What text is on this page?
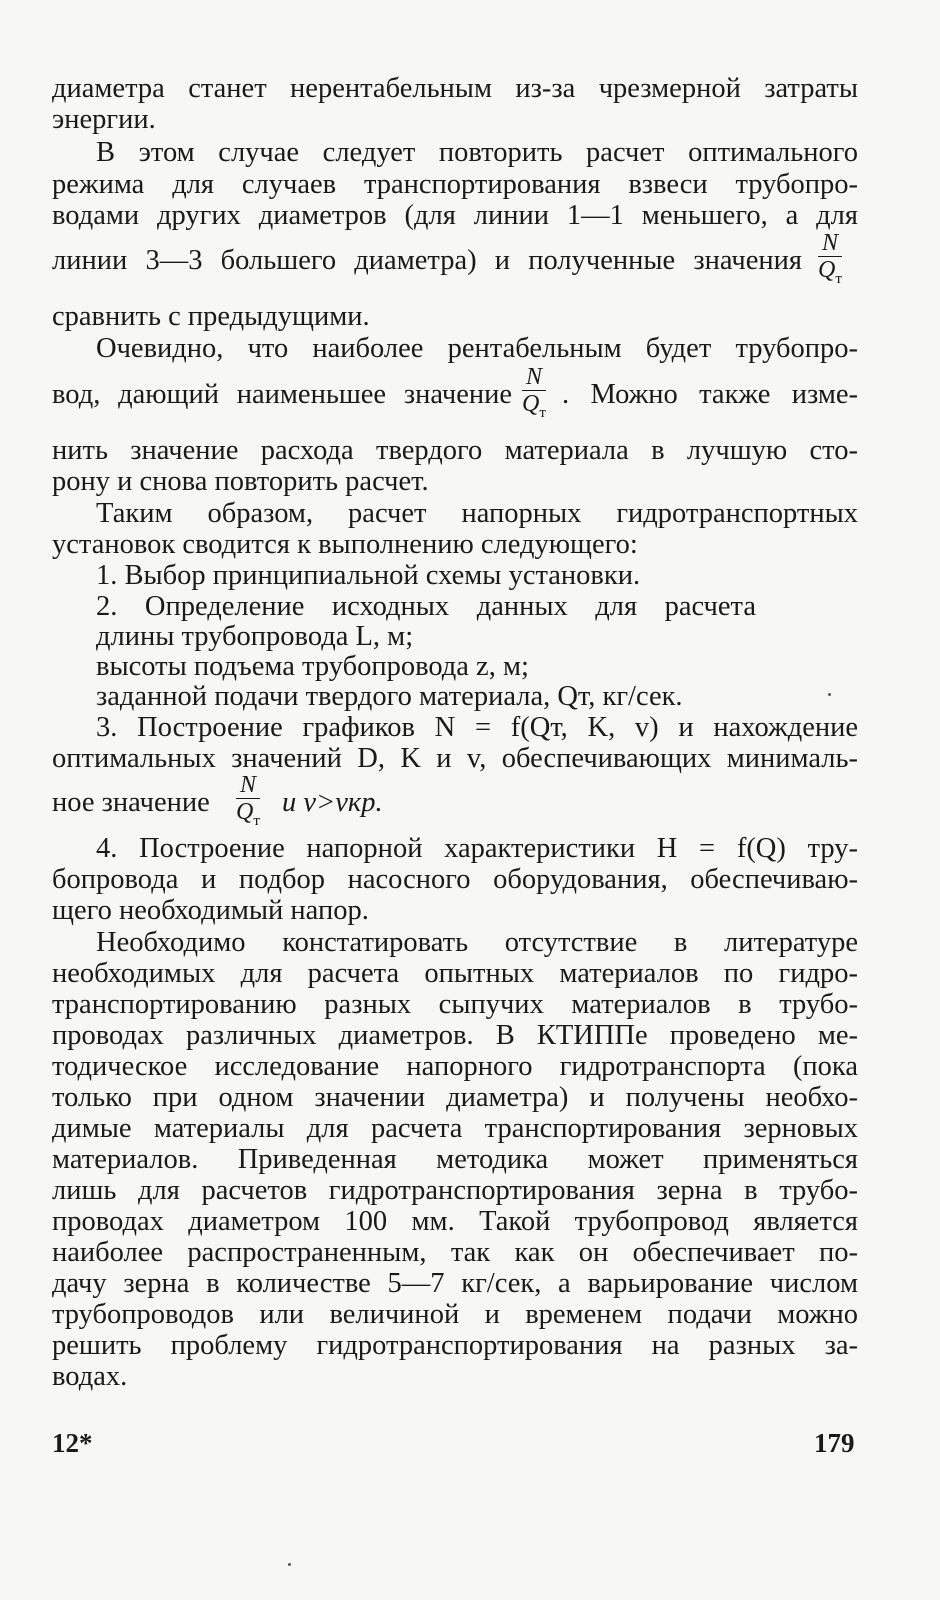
диаметра станет нерентабельным из-за чрезмерной затраты
энергии.
В этом случае следует повторить расчет оптимального
режима для случаев транспортирования взвеси трубопро-
водами других диаметров (для линии 1—1 меньшего, а для
линии 3—3 большего диаметра) и полученные значения
N
$Q_т$
сравнить с предыдущими.
Очевидно, что наиболее рентабельным будет трубопро-
вод, дающий наименьшее значение
N
$Q_т$
. Можно также изме-
нить значение расхода твердого материала в лучшую сто-
рону и снова повторить расчет.
Таким образом, расчет напорных гидротранспортных
установок сводится к выполнению следующего:
1. Выбор принципиальной схемы установки.
2. Определение исходных данных для расчета
длины трубопровода L, м;
высоты подъема трубопровода z, м;
заданной подачи твердого материала, Qт, кг/сек.
3. Построение графиков N = f(Qт, K, v) и нахождение
оптимальных значений D, K и v, обеспечивающих минималь-
ное значение
N
$Q_т$
и v>vкр.
4. Построение напорной характеристики H = f(Q) тру-
бопровода и подбор насосного оборудования, обеспечиваю-
щего необходимый напор.
Необходимо констатировать отсутствие в литературе
необходимых для расчета опытных материалов по гидро-
транспортированию разных сыпучих материалов в трубо-
проводах различных диаметров. В КТИППе проведено ме-
тодическое исследование напорного гидротранспорта (пока
только при одном значении диаметра) и получены необхо-
димые материалы для расчета транспортирования зерновых
материалов. Приведенная методика может применяться
лишь для расчетов гидротранспортирования зерна в трубо-
проводах диаметром 100 мм. Такой трубопровод является
наиболее распространенным, так как он обеспечивает по-
дачу зерна в количестве 5—7 кг/сек, а варьирование числом
трубопроводов или величиной и временем подачи можно
решить проблему гидротранспортирования на разных за-
водах.
12*	179
